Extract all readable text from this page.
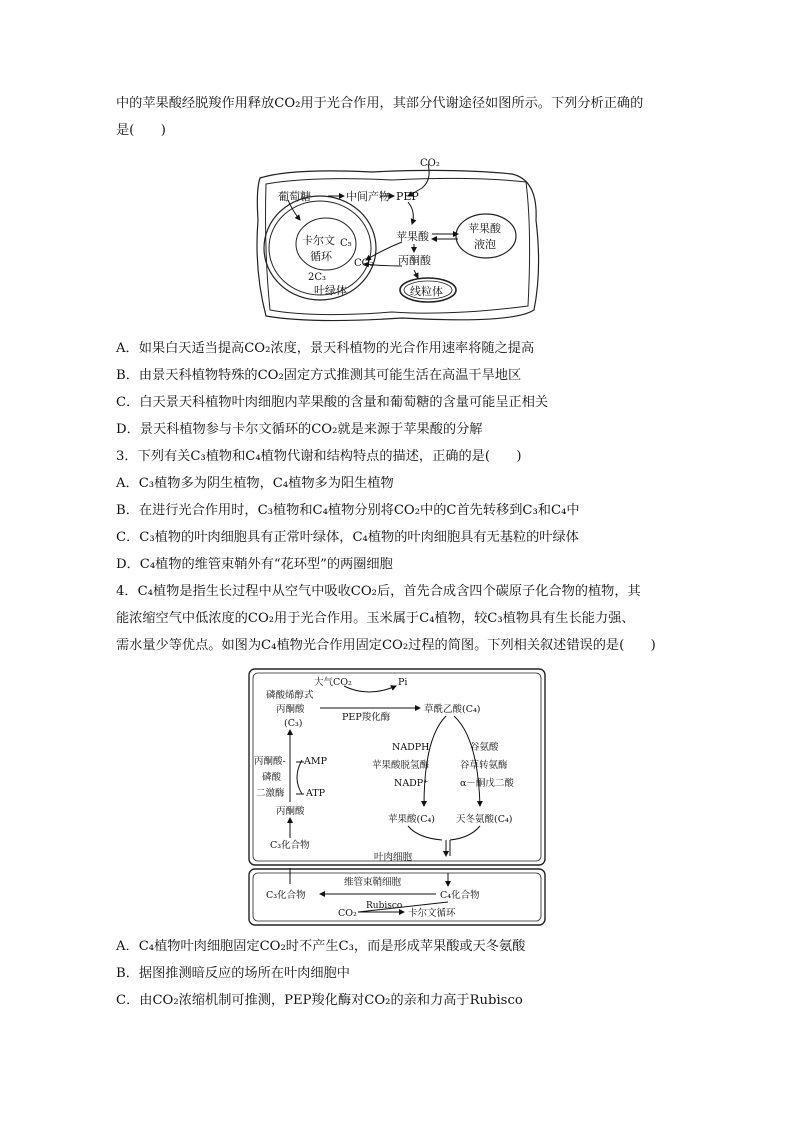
中的苹果酸经脱羧作用释放CO₂用于光合作用，其部分代谢途径如图所示。下列分析正确的
是(　　)
CO₂
葡萄糖	中间产物 PEP
卡尔文
循环
C₅
2C₃
CO₂
叶绿体
苹果酸
丙酮酸
苹果酸
液泡
线粒体
A．如果白天适当提高CO₂浓度，景天科植物的光合作用速率将随之提高
B．由景天科植物特殊的CO₂固定方式推测其可能生活在高温干旱地区
C．白天景天科植物叶肉细胞内苹果酸的含量和葡萄糖的含量可能呈正相关
D．景天科植物参与卡尔文循环的CO₂就是来源于苹果酸的分解
3．下列有关C₃植物和C₄植物代谢和结构特点的描述，正确的是(　　)
A．C₃植物多为阴生植物，C₄植物多为阳生植物
B．在进行光合作用时，C₃植物和C₄植物分别将CO₂中的C首先转移到C₃和C₄中
C．C₃植物的叶肉细胞具有正常叶绿体，C₄植物的叶肉细胞具有无基粒的叶绿体
D．C₄植物的维管束鞘外有“花环型”的两圈细胞
4．C₄植物是指生长过程中从空气中吸收CO₂后，首先合成含四个碳原子化合物的植物，其
能浓缩空气中低浓度的CO₂用于光合作用。玉米属于C₄植物，较C₃植物具有生长能力强、
需水量少等优点。如图为C₄植物光合作用固定CO₂过程的简图。下列相关叙述错误的是(　　)
大气CO₂	Pi
磷酸烯醇式
丙酮酸
(C₃)
PEP羧化酶
草酰乙酸(C₄)
丙酮酸-
磷酸
二激酶
AMP
ATP
丙酮酸
NADPH
苹果酸脱氢酶
NADP⁺
谷氨酸
谷草转氨酶
α－酮戊二酸
苹果酸(C₄) 天冬氨酸(C₄)
C₃化合物
叶肉细胞
维管束鞘细胞
C₃化合物	C₄化合物
CO₂
Rubisco
卡尔文循环
A．C₄植物叶肉细胞固定CO₂时不产生C₃，而是形成苹果酸或天冬氨酸
B．据图推测暗反应的场所在叶肉细胞中
C．由CO₂浓缩机制可推测，PEP羧化酶对CO₂的亲和力高于Rubisco
